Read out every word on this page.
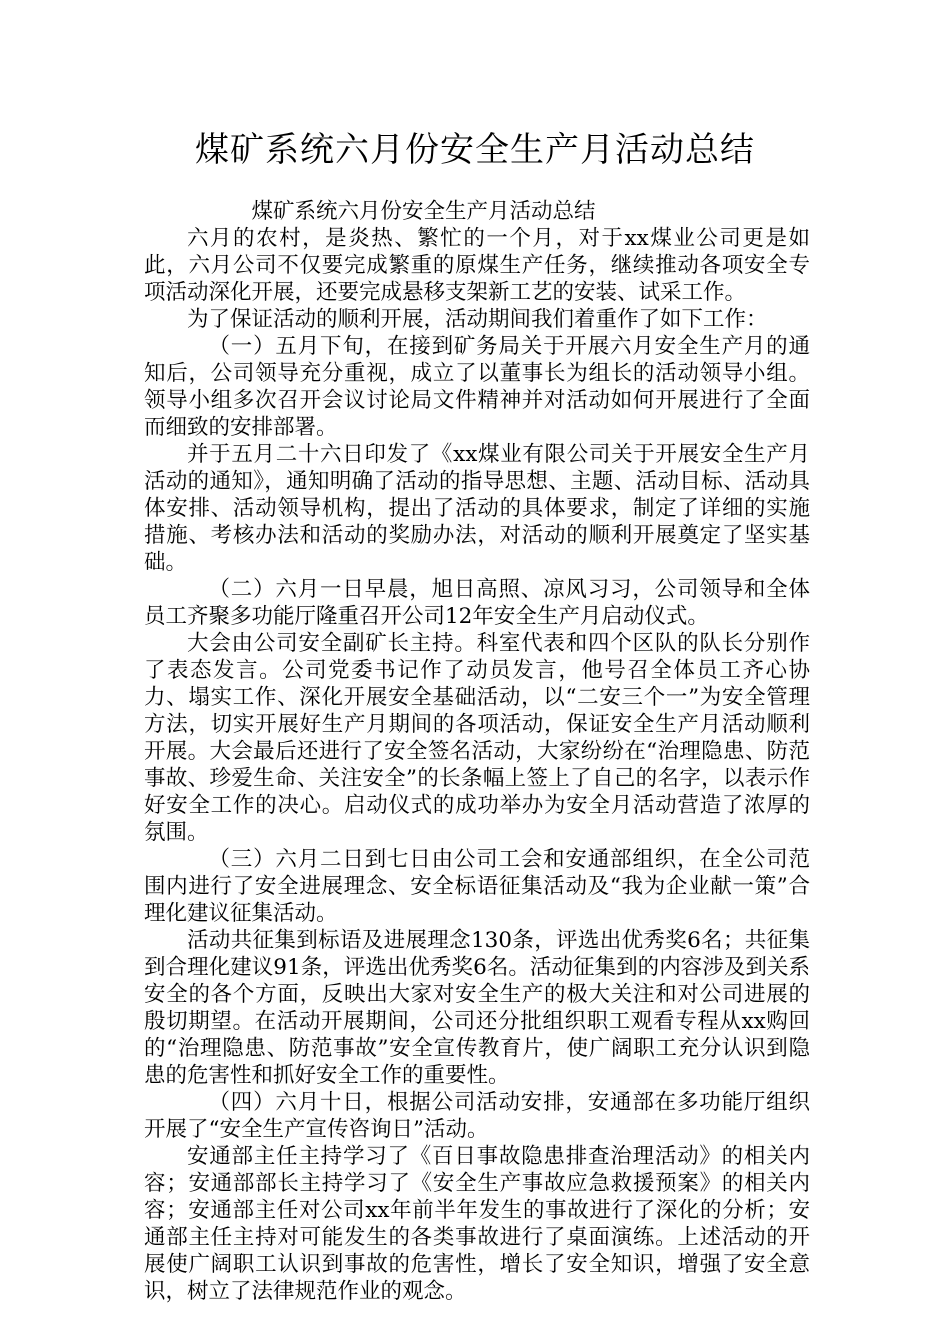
煤矿系统六月份安全生产月活动总结

煤矿系统六月份安全生产月活动总结

六月的农村，是炎热、繁忙的一个月，对于xx煤业公司更是如此，六月公司不仅要完成繁重的原煤生产任务，继续推动各项安全专项活动深化开展，还要完成悬移支架新工艺的安装、试采工作。

为了保证活动的顺利开展，活动期间我们着重作了如下工作：

（一）五月下旬，在接到矿务局关于开展六月安全生产月的通知后，公司领导充分重视，成立了以董事长为组长的活动领导小组。领导小组多次召开会议讨论局文件精神并对活动如何开展进行了全面而细致的安排部署。

并于五月二十六日印发了《xx煤业有限公司关于开展安全生产月活动的通知》，通知明确了活动的指导思想、主题、活动目标、活动具体安排、活动领导机构，提出了活动的具体要求，制定了详细的实施措施、考核办法和活动的奖励办法，对活动的顺利开展奠定了坚实基础。

（二）六月一日早晨，旭日高照、凉风习习，公司领导和全体员工齐聚多功能厅隆重召开公司12年安全生产月启动仪式。

大会由公司安全副矿长主持。科室代表和四个区队的队长分别作了表态发言。公司党委书记作了动员发言，他号召全体员工齐心协力、塌实工作、深化开展安全基础活动，以“二安三个一”为安全管理方法，切实开展好生产月期间的各项活动，保证安全生产月活动顺利开展。大会最后还进行了安全签名活动，大家纷纷在“治理隐患、防范事故、珍爱生命、关注安全”的长条幅上签上了自己的名字，以表示作好安全工作的决心。启动仪式的成功举办为安全月活动营造了浓厚的氛围。

（三）六月二日到七日由公司工会和安通部组织，在全公司范围内进行了安全进展理念、安全标语征集活动及“我为企业献一策”合理化建议征集活动。

活动共征集到标语及进展理念130条，评选出优秀奖6名；共征集到合理化建议91条，评选出优秀奖6名。活动征集到的内容涉及到关系安全的各个方面，反映出大家对安全生产的极大关注和对公司进展的殷切期望。在活动开展期间，公司还分批组织职工观看专程从xx购回的“治理隐患、防范事故”安全宣传教育片，使广阔职工充分认识到隐患的危害性和抓好安全工作的重要性。

（四）六月十日，根据公司活动安排，安通部在多功能厅组织开展了“安全生产宣传咨询日”活动。

安通部主任主持学习了《百日事故隐患排查治理活动》的相关内容；安通部部长主持学习了《安全生产事故应急救援预案》的相关内容；安通部主任对公司xx年前半年发生的事故进行了深化的分析；安通部主任主持对可能发生的各类事故进行了桌面演练。上述活动的开展使广阔职工认识到事故的危害性，增长了安全知识，增强了安全意识，树立了法律规范作业的观念。
